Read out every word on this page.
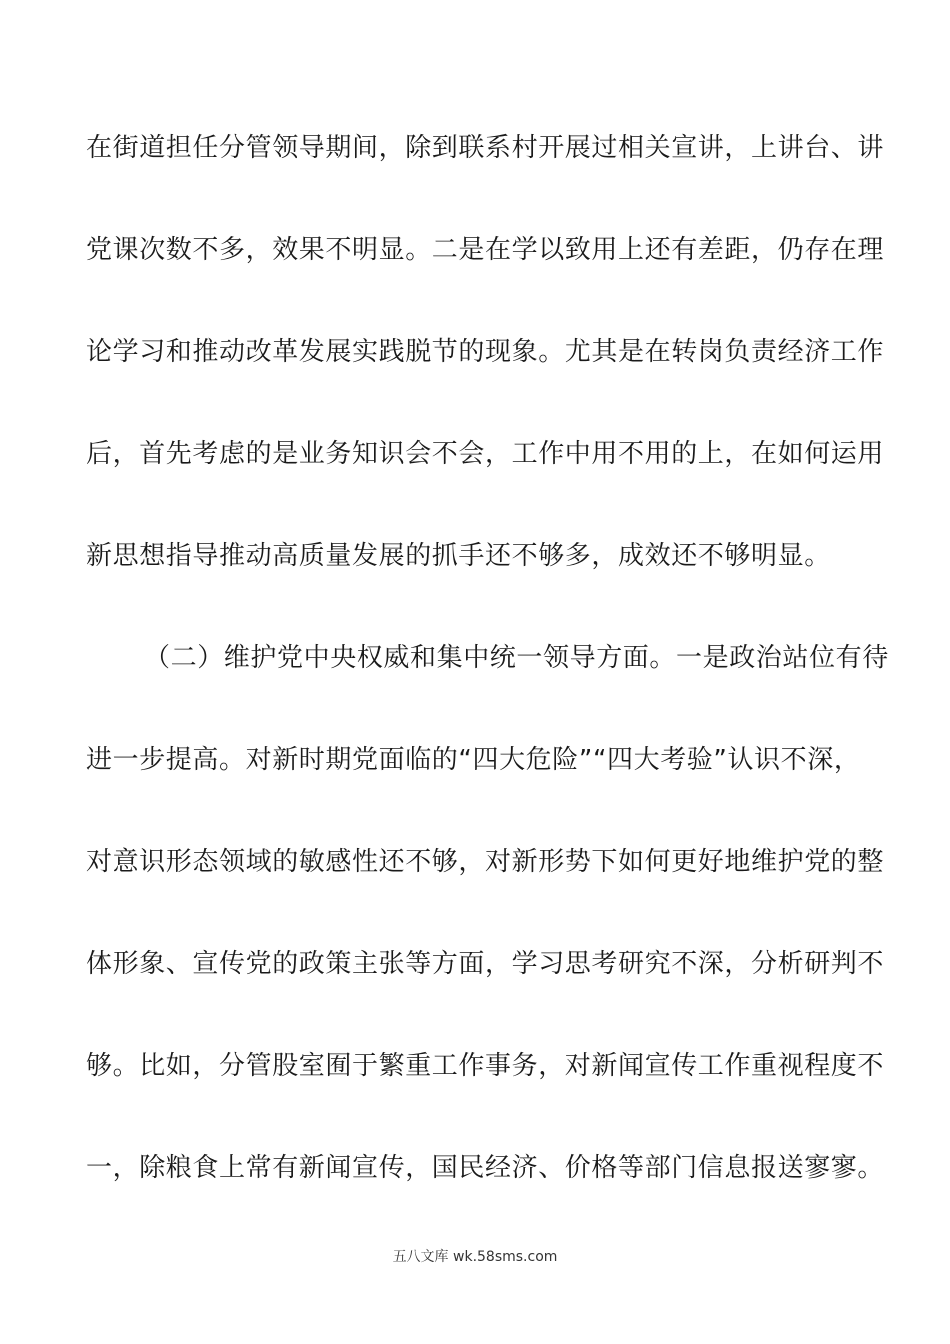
在街道担任分管领导期间，除到联系村开展过相关宣讲，上讲台、讲
党课次数不多，效果不明显。二是在学以致用上还有差距，仍存在理
论学习和推动改革发展实践脱节的现象。尤其是在转岗负责经济工作
后，首先考虑的是业务知识会不会，工作中用不用的上，在如何运用
新思想指导推动高质量发展的抓手还不够多，成效还不够明显。
（二）维护党中央权威和集中统一领导方面。一是政治站位有待
进一步提高。对新时期党面临的“四大危险”“四大考验”认识不深，
对意识形态领域的敏感性还不够，对新形势下如何更好地维护党的整
体形象、宣传党的政策主张等方面，学习思考研究不深，分析研判不
够。比如，分管股室囿于繁重工作事务，对新闻宣传工作重视程度不
一，除粮食上常有新闻宣传，国民经济、价格等部门信息报送寥寥。
五八文库 wk.58sms.com
